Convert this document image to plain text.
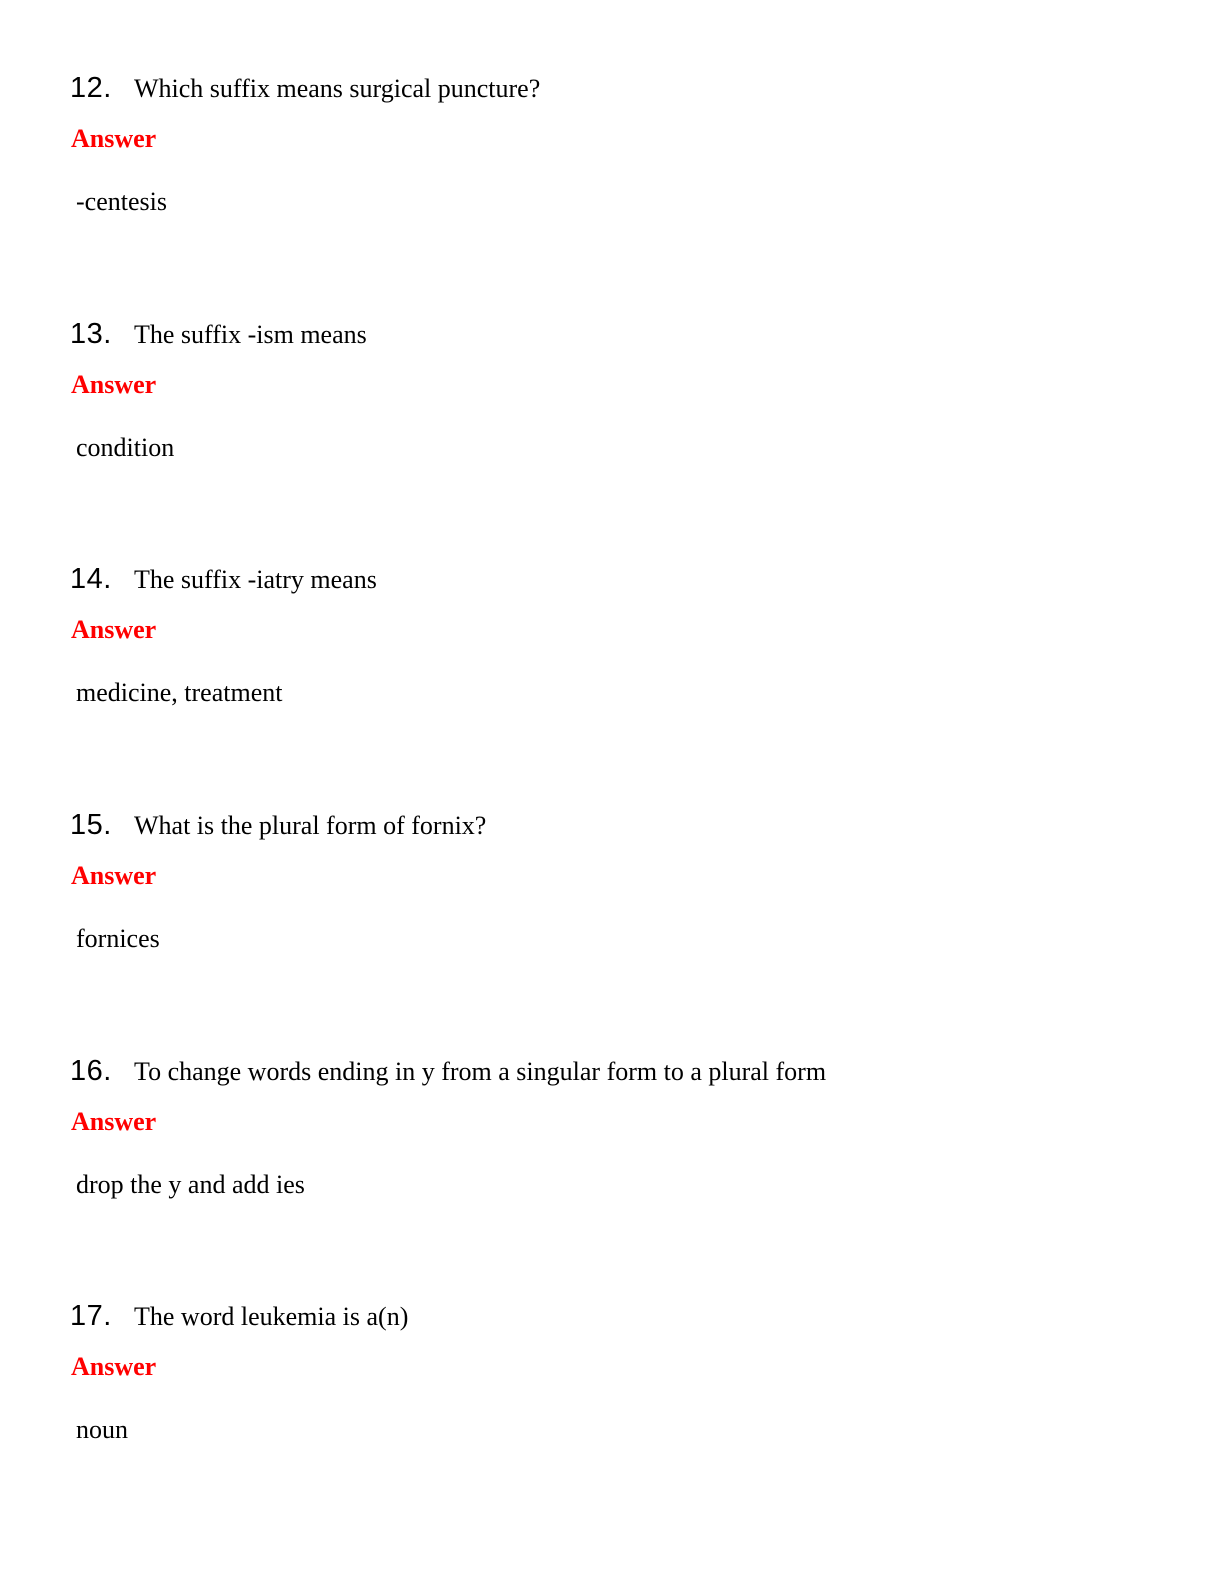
12. Which suffix means surgical puncture?
Answer
-centesis
13. The suffix -ism means
Answer
condition
14. The suffix -iatry means
Answer
medicine, treatment
15. What is the plural form of fornix?
Answer
fornices
16. To change words ending in y from a singular form to a plural form
Answer
drop the y and add ies
17. The word leukemia is a(n)
Answer
noun
